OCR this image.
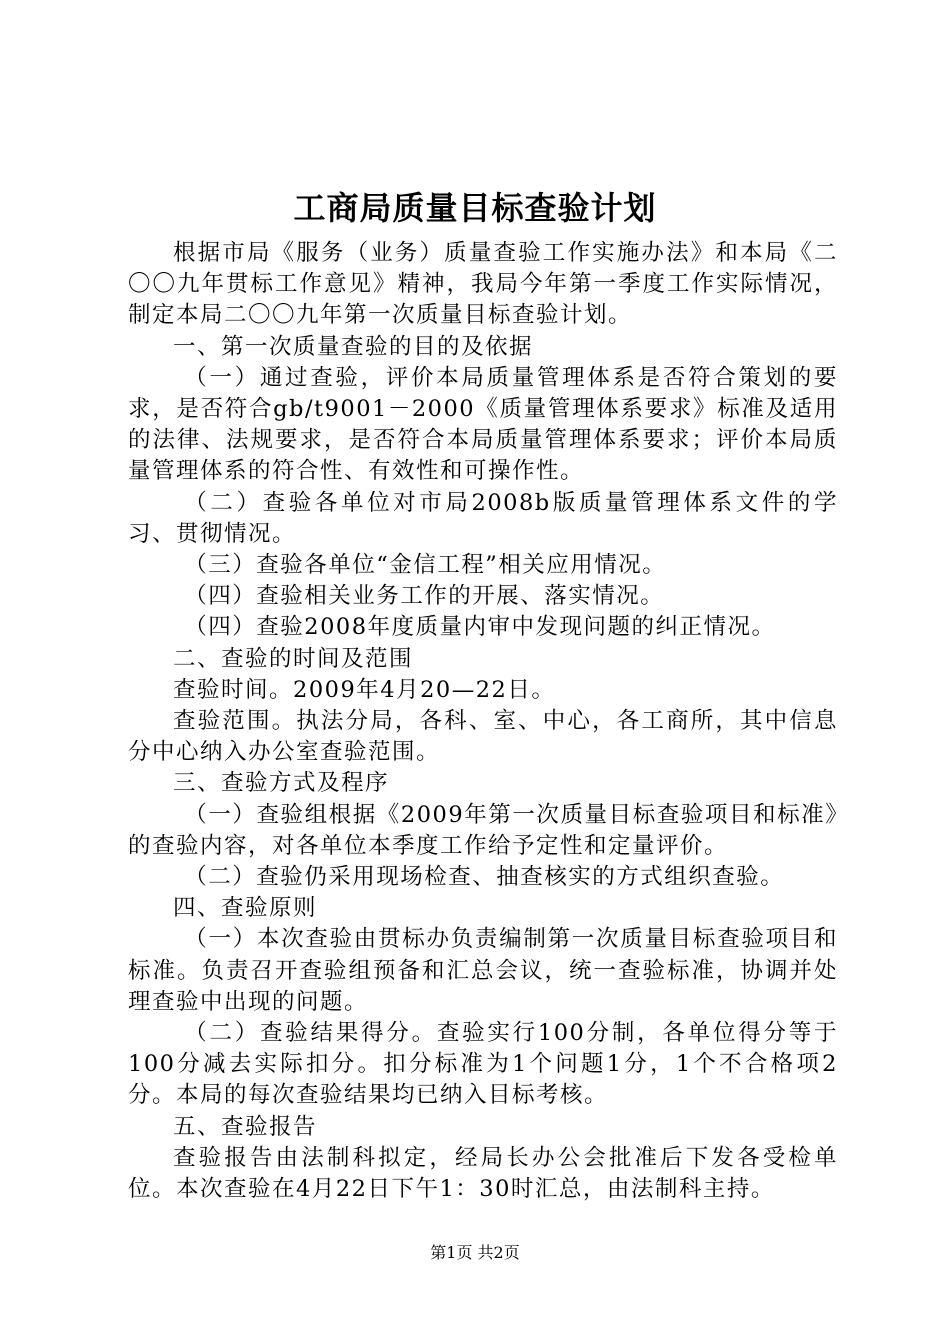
工商局质量目标查验计划

根据市局《服务（业务）质量查验工作实施办法》和本局《二〇〇九年贯标工作意见》精神，我局今年第一季度工作实际情况，制定本局二〇〇九年第一次质量目标查验计划。

一、第一次质量查验的目的及依据

（一）通过查验，评价本局质量管理体系是否符合策划的要求，是否符合gb/t9001－2000《质量管理体系要求》标准及适用的法律、法规要求，是否符合本局质量管理体系要求；评价本局质量管理体系的符合性、有效性和可操作性。

（二）查验各单位对市局2008b版质量管理体系文件的学习、贯彻情况。

（三）查验各单位“金信工程”相关应用情况。

（四）查验相关业务工作的开展、落实情况。

（四）查验2008年度质量内审中发现问题的纠正情况。

二、查验的时间及范围

查验时间。2009年4月20—22日。

查验范围。执法分局，各科、室、中心，各工商所，其中信息分中心纳入办公室查验范围。

三、查验方式及程序

（一）查验组根据《2009年第一次质量目标查验项目和标准》的查验内容，对各单位本季度工作给予定性和定量评价。

（二）查验仍采用现场检查、抽查核实的方式组织查验。

四、查验原则

（一）本次查验由贯标办负责编制第一次质量目标查验项目和标准。负责召开查验组预备和汇总会议，统一查验标准，协调并处理查验中出现的问题。

（二）查验结果得分。查验实行100分制，各单位得分等于100分减去实际扣分。扣分标准为1个问题1分，1个不合格项2分。本局的每次查验结果均已纳入目标考核。

五、查验报告

查验报告由法制科拟定，经局长办公会批准后下发各受检单位。本次查验在4月22日下午1：30时汇总，由法制科主持。

第1页 共2页
